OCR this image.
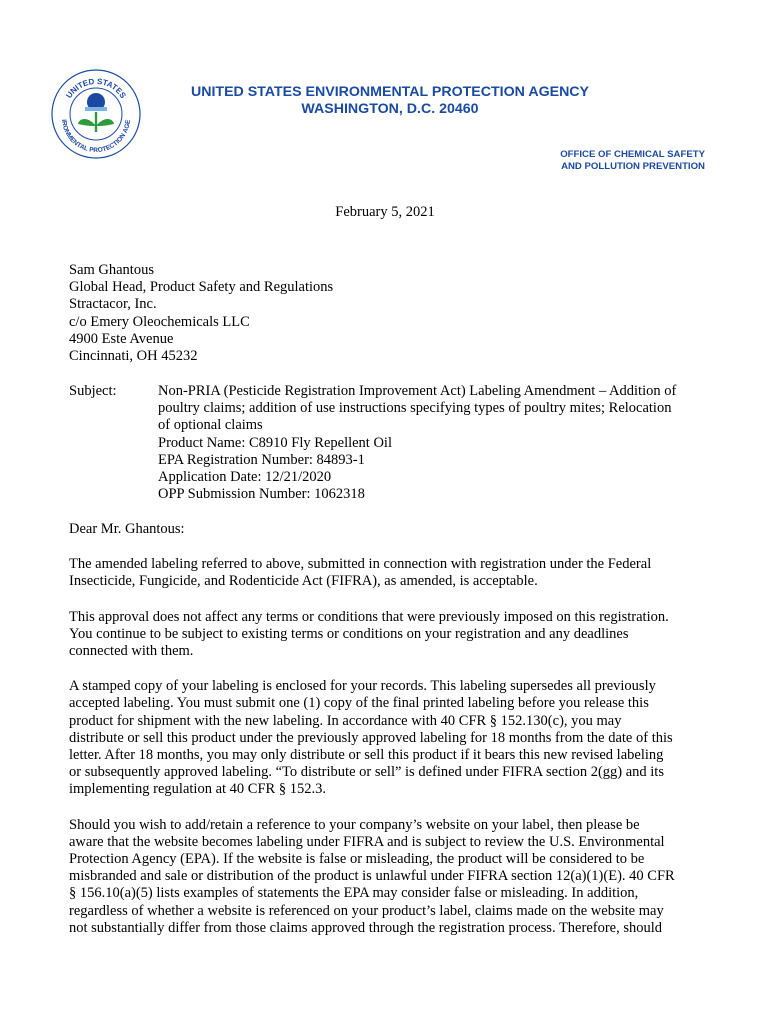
UNITED STATES
IRONMENTAL PROTECTION AGE
UNITED STATES ENVIRONMENTAL PROTECTION AGENCY
WASHINGTON, D.C. 20460
OFFICE OF CHEMICAL SAFETY
AND POLLUTION PREVENTION
February 5, 2021
Sam Ghantous
Global Head, Product Safety and Regulations
Stractacor, Inc.
c/o Emery Oleochemicals LLC
4900 Este Avenue
Cincinnati, OH 45232
Subject:	Non-PRIA (Pesticide Registration Improvement Act) Labeling Amendment – Addition of
poultry claims; addition of use instructions specifying types of poultry mites; Relocation
of optional claims
Product Name: C8910 Fly Repellent Oil
EPA Registration Number: 84893-1
Application Date: 12/21/2020
OPP Submission Number: 1062318

Dear Mr. Ghantous:

The amended labeling referred to above, submitted in connection with registration under the Federal
Insecticide, Fungicide, and Rodenticide Act (FIFRA), as amended, is acceptable.

This approval does not affect any terms or conditions that were previously imposed on this registration.
You continue to be subject to existing terms or conditions on your registration and any deadlines
connected with them.

A stamped copy of your labeling is enclosed for your records. This labeling supersedes all previously
accepted labeling. You must submit one (1) copy of the final printed labeling before you release this
product for shipment with the new labeling. In accordance with 40 CFR § 152.130(c), you may
distribute or sell this product under the previously approved labeling for 18 months from the date of this
letter. After 18 months, you may only distribute or sell this product if it bears this new revised labeling
or subsequently approved labeling. “To distribute or sell” is defined under FIFRA section 2(gg) and its
implementing regulation at 40 CFR § 152.3.

Should you wish to add/retain a reference to your company’s website on your label, then please be
aware that the website becomes labeling under FIFRA and is subject to review the U.S. Environmental
Protection Agency (EPA). If the website is false or misleading, the product will be considered to be
misbranded and sale or distribution of the product is unlawful under FIFRA section 12(a)(1)(E). 40 CFR
§ 156.10(a)(5) lists examples of statements the EPA may consider false or misleading. In addition,
regardless of whether a website is referenced on your product’s label, claims made on the website may
not substantially differ from those claims approved through the registration process. Therefore, should
